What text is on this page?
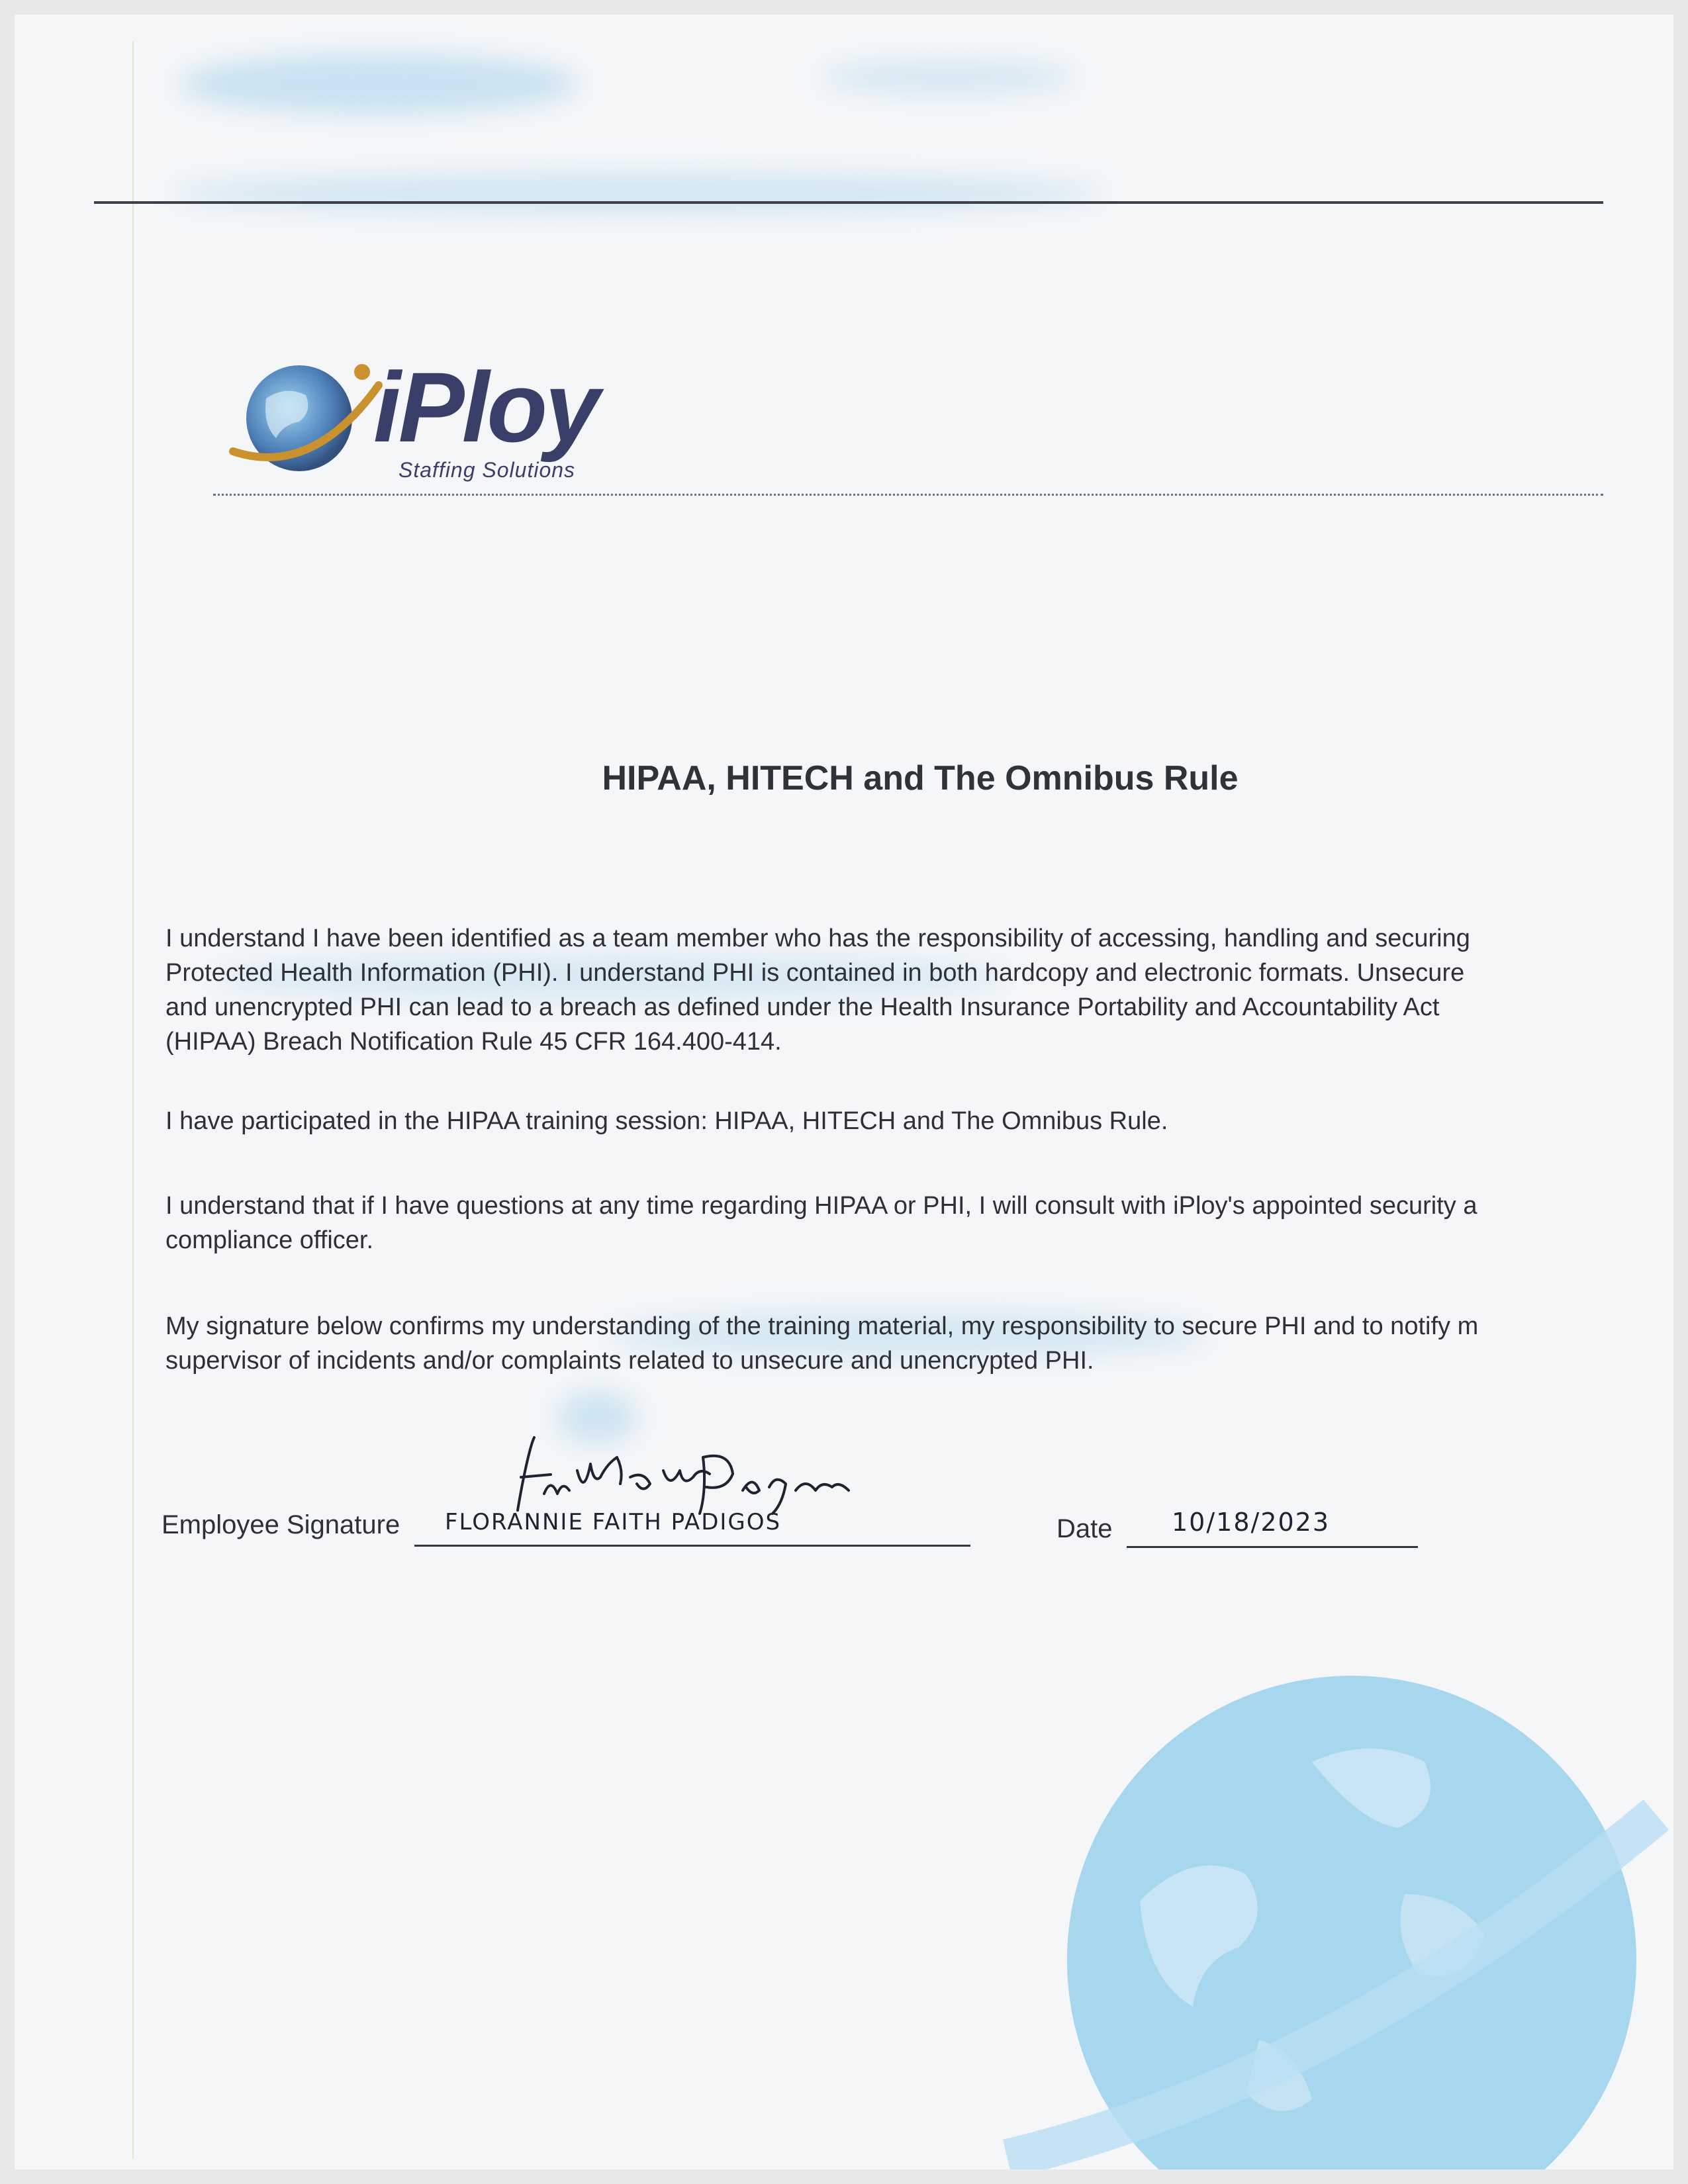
iPloy
Staffing Solutions
HIPAA, HITECH and The Omnibus Rule
I understand I have been identified as a team member who has the responsibility of accessing, handling and securing
Protected Health Information (PHI). I understand PHI is contained in both hardcopy and electronic formats. Unsecure
and unencrypted PHI can lead to a breach as defined under the Health Insurance Portability and Accountability Act
(HIPAA) Breach Notification Rule 45 CFR 164.400-414.
I have participated in the HIPAA training session: HIPAA, HITECH and The Omnibus Rule.
I understand that if I have questions at any time regarding HIPAA or PHI, I will consult with iPloy's appointed security a
compliance officer.
My signature below confirms my understanding of the training material, my responsibility to secure PHI and to notify m
supervisor of incidents and/or complaints related to unsecure and unencrypted PHI.
Employee Signature FLORANNIE FAITH PADIGOS	Date 10/18/2023
